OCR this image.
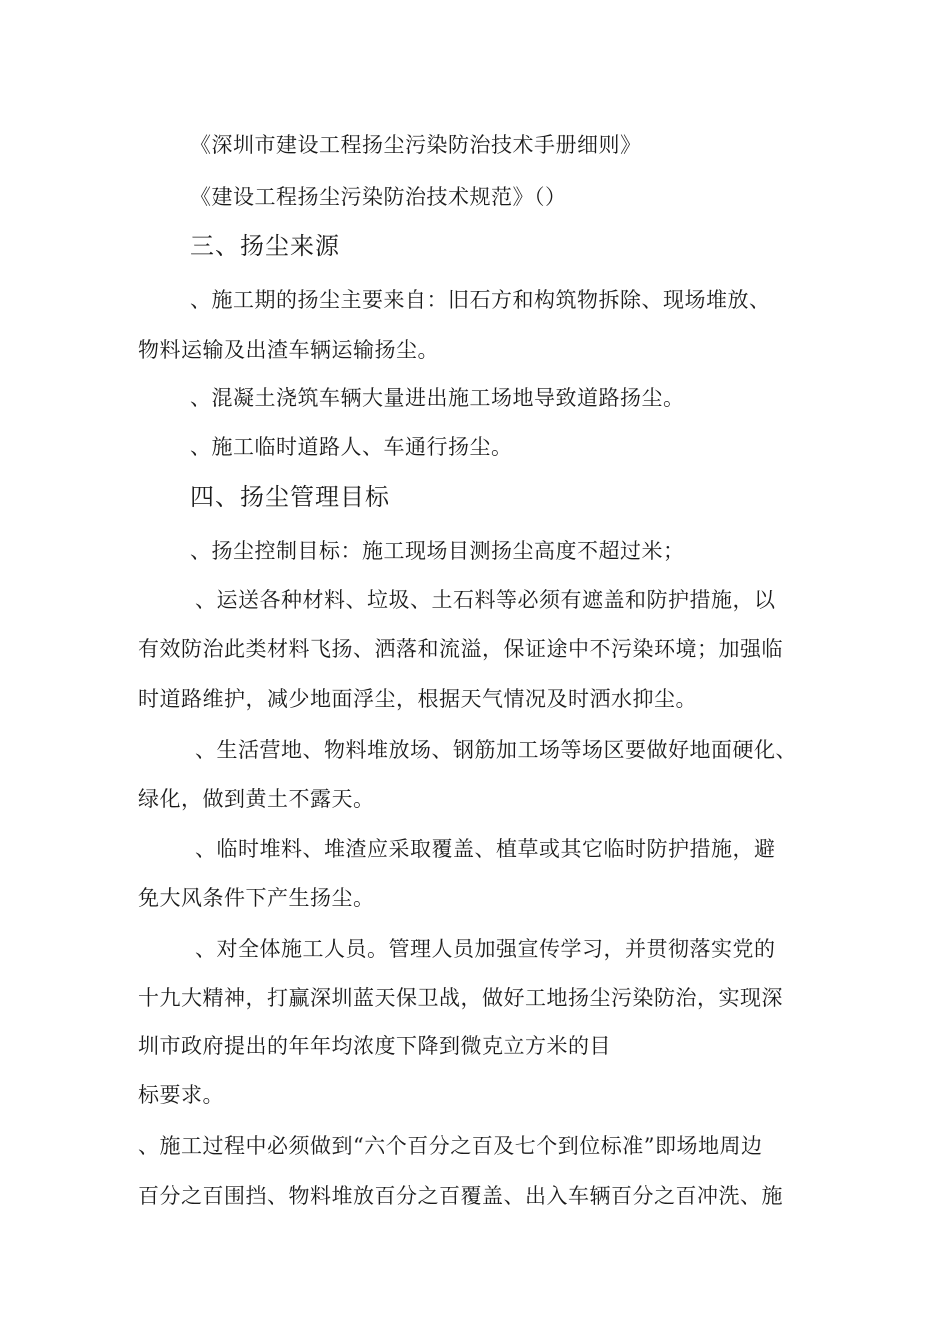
《深圳市建设工程扬尘污染防治技术手册细则》
《建设工程扬尘污染防治技术规范》（）
三、扬尘来源
、施工期的扬尘主要来自：旧石方和构筑物拆除、现场堆放、
物料运输及出渣车辆运输扬尘。
、混凝土浇筑车辆大量进出施工场地导致道路扬尘。
、施工临时道路人、车通行扬尘。
四、扬尘管理目标
、扬尘控制目标：施工现场目测扬尘高度不超过米；
、运送各种材料、垃圾、土石料等必须有遮盖和防护措施，以
有效防治此类材料飞扬、洒落和流溢，保证途中不污染环境；加强临
时道路维护，减少地面浮尘，根据天气情况及时洒水抑尘。
、生活营地、物料堆放场、钢筋加工场等场区要做好地面硬化、
绿化，做到黄土不露天。
、临时堆料、堆渣应采取覆盖、植草或其它临时防护措施，避
免大风条件下产生扬尘。
、对全体施工人员。管理人员加强宣传学习，并贯彻落实党的
十九大精神，打赢深圳蓝天保卫战，做好工地扬尘污染防治，实现深
圳市政府提出的年年均浓度下降到微克立方米的目
标要求。
、施工过程中必须做到“六个百分之百及七个到位标准”即场地周边
百分之百围挡、物料堆放百分之百覆盖、出入车辆百分之百冲洗、施
